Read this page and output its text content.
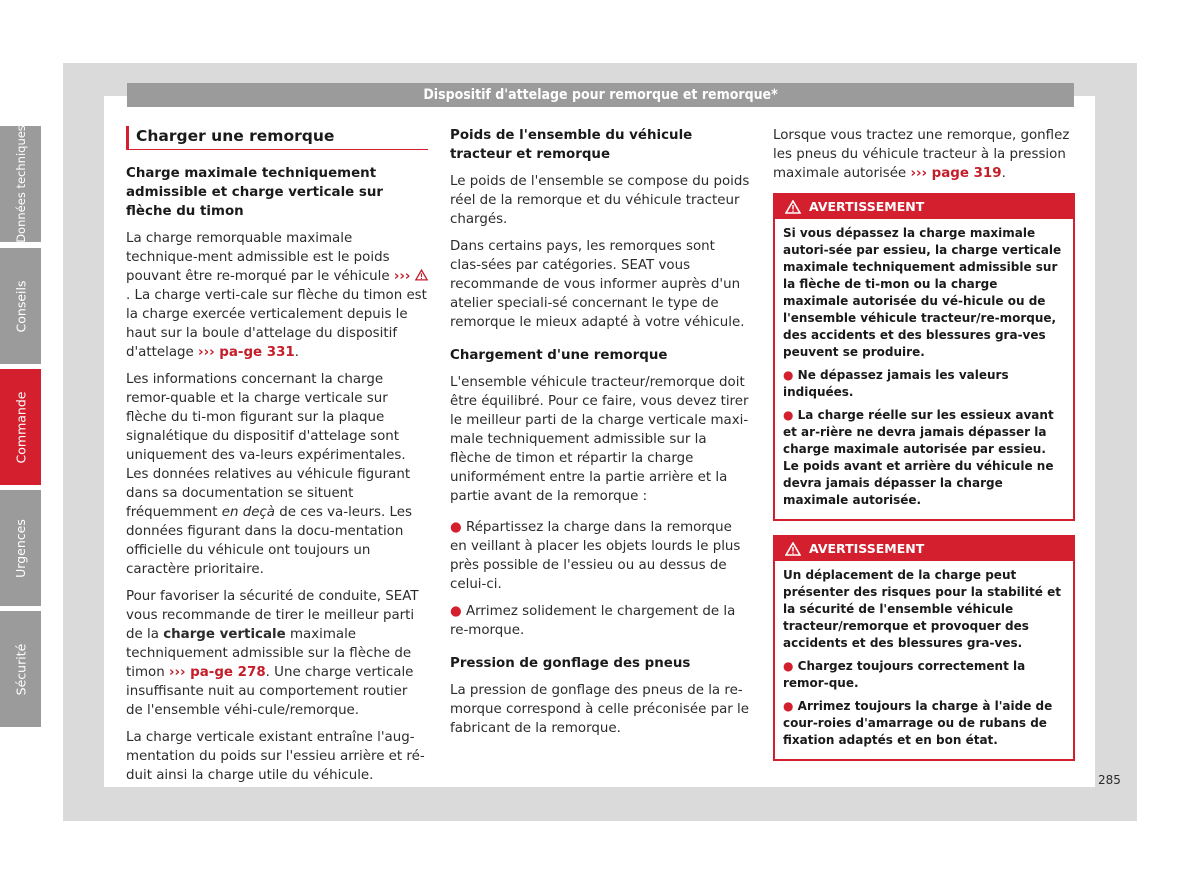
Dispositif d'attelage pour remorque et remorque*
Charger une remorque

Charge maximale techniquement admissible et charge verticale sur flèche du timon

La charge remorquable maximale technique-ment admissible est le poids pouvant être re-morqué par le véhicule ››› . La charge verti-cale sur flèche du timon est la charge exercée verticalement depuis le haut sur la boule d'attelage du dispositif d'attelage ››› pa-ge 331.

Les informations concernant la charge remor-quable et la charge verticale sur flèche du ti-mon figurant sur la plaque signalétique du dispositif d'attelage sont uniquement des va-leurs expérimentales. Les données relatives au véhicule figurant dans sa documentation se situent fréquemment en deçà de ces va-leurs. Les données figurant dans la docu-mentation officielle du véhicule ont toujours un caractère prioritaire.

Pour favoriser la sécurité de conduite, SEAT vous recommande de tirer le meilleur parti de la charge verticale maximale techniquement admissible sur la flèche de timon ››› pa-ge 278. Une charge verticale insuffisante nuit au comportement routier de l'ensemble véhi-cule/remorque.

La charge verticale existant entraîne l'aug-mentation du poids sur l'essieu arrière et ré-duit ainsi la charge utile du véhicule.

Poids de l'ensemble du véhicule tracteur et remorque

Le poids de l'ensemble se compose du poids réel de la remorque et du véhicule tracteur chargés.

Dans certains pays, les remorques sont clas-sées par catégories. SEAT vous recommande de vous informer auprès d'un atelier speciali-sé concernant le type de remorque le mieux adapté à votre véhicule.

Chargement d'une remorque

L'ensemble véhicule tracteur/remorque doit être équilibré. Pour ce faire, vous devez tirer le meilleur parti de la charge verticale maxi-male techniquement admissible sur la flèche de timon et répartir la charge uniformément entre la partie arrière et la partie avant de la remorque :

● Répartissez la charge dans la remorque en veillant à placer les objets lourds le plus près possible de l'essieu ou au dessus de celui-ci.

● Arrimez solidement le chargement de la re-morque.

Pression de gonflage des pneus

La pression de gonflage des pneus de la re-morque correspond à celle préconisée par le fabricant de la remorque.

Lorsque vous tractez une remorque, gonflez les pneus du véhicule tracteur à la pression maximale autorisée ››› page 319.

AVERTISSEMENT

Si vous dépassez la charge maximale autori-sée par essieu, la charge verticale maximale techniquement admissible sur la flèche de ti-mon ou la charge maximale autorisée du vé-hicule ou de l'ensemble véhicule tracteur/re-morque, des accidents et des blessures gra-ves peuvent se produire.

● Ne dépassez jamais les valeurs indiquées.

● La charge réelle sur les essieux avant et ar-rière ne devra jamais dépasser la charge maximale autorisée par essieu. Le poids avant et arrière du véhicule ne devra jamais dépasser la charge maximale autorisée.

AVERTISSEMENT

Un déplacement de la charge peut présenter des risques pour la stabilité et la sécurité de l'ensemble véhicule tracteur/remorque et provoquer des accidents et des blessures gra-ves.

● Chargez toujours correctement la remor-que.

● Arrimez toujours la charge à l'aide de cour-roies d'amarrage ou de rubans de fixation adaptés et en bon état.

Données techniques
Conseils
Commande
Urgences
Sécurité
285
